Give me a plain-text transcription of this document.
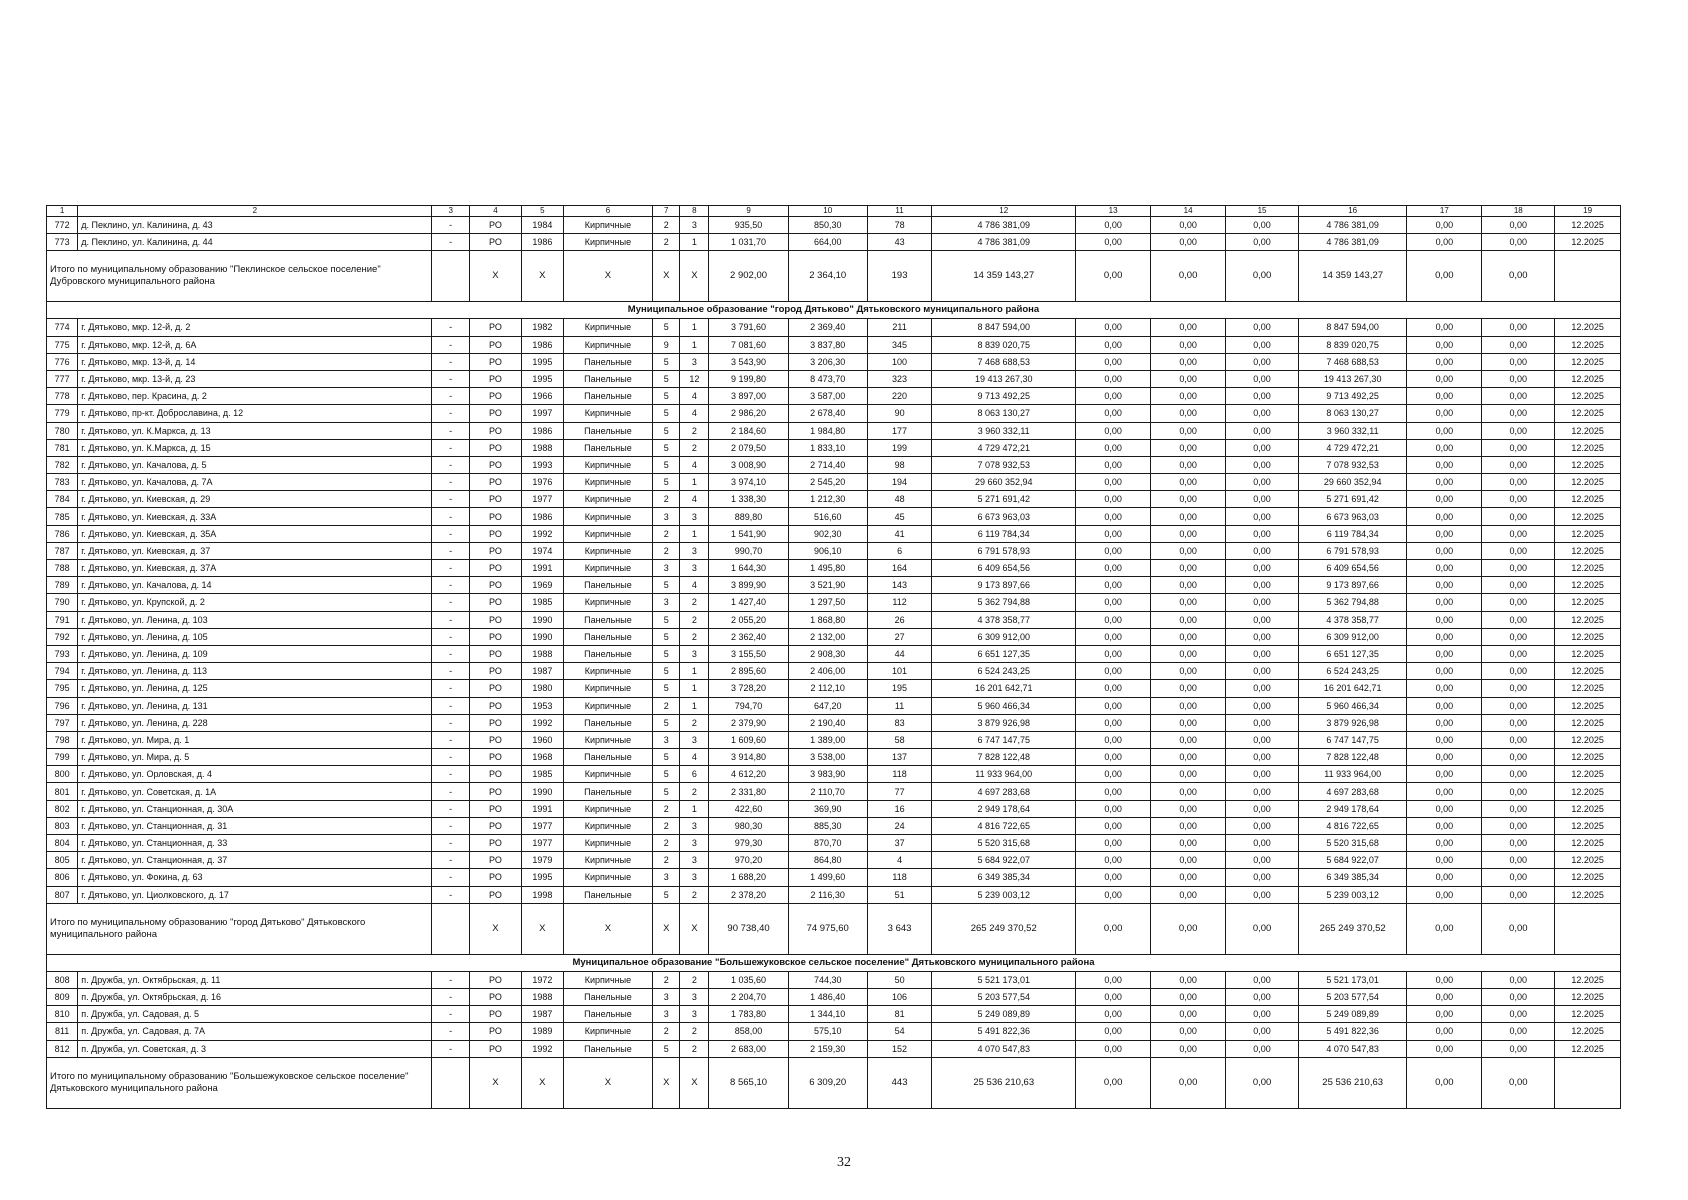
1	2	3	4	5	6	7	8	9	10	11	12	13	14	15	16	17	18	19
772	д. Пеклино, ул. Калинина, д. 43	-	РО	1984	Кирпичные	2	3	935,50	850,30	78	4 786 381,09	0,00	0,00	0,00	4 786 381,09	0,00	0,00	12.2025
773	д. Пеклино, ул. Калинина, д. 44	-	РО	1986	Кирпичные	2	1	1 031,70	664,00	43	4 786 381,09	0,00	0,00	0,00	4 786 381,09	0,00	0,00	12.2025
Итого по муниципальному образованию "Пеклинское сельское поселение" Дубровского муниципального района			X	X	X	X	X	2 902,00	2 364,10	193	14 359 143,27	0,00	0,00	0,00	14 359 143,27	0,00	0,00	
Муниципальное образование "город Дятьково" Дятьковского муниципального района																		
774	г. Дятьково, мкр. 12-й, д. 2	-	РО	1982	Кирпичные	5	1	3 791,60	2 369,40	211	8 847 594,00	0,00	0,00	0,00	8 847 594,00	0,00	0,00	12.2025
775	г. Дятьково, мкр. 12-й, д. 6А	-	РО	1986	Кирпичные	9	1	7 081,60	3 837,80	345	8 839 020,75	0,00	0,00	0,00	8 839 020,75	0,00	0,00	12.2025
776	г. Дятьково, мкр. 13-й, д. 14	-	РО	1995	Панельные	5	3	3 543,90	3 206,30	100	7 468 688,53	0,00	0,00	0,00	7 468 688,53	0,00	0,00	12.2025
777	г. Дятьково, мкр. 13-й, д. 23	-	РО	1995	Панельные	5	12	9 199,80	8 473,70	323	19 413 267,30	0,00	0,00	0,00	19 413 267,30	0,00	0,00	12.2025
778	г. Дятьково, пер. Красина, д. 2	-	РО	1966	Панельные	5	4	3 897,00	3 587,00	220	9 713 492,25	0,00	0,00	0,00	9 713 492,25	0,00	0,00	12.2025
779	г. Дятьково, пр-кт. Доброславина, д. 12	-	РО	1997	Кирпичные	5	4	2 986,20	2 678,40	90	8 063 130,27	0,00	0,00	0,00	8 063 130,27	0,00	0,00	12.2025
780	г. Дятьково, ул. К.Маркса, д. 13	-	РО	1986	Панельные	5	2	2 184,60	1 984,80	177	3 960 332,11	0,00	0,00	0,00	3 960 332,11	0,00	0,00	12.2025
781	г. Дятьково, ул. К.Маркса, д. 15	-	РО	1988	Панельные	5	2	2 079,50	1 833,10	199	4 729 472,21	0,00	0,00	0,00	4 729 472,21	0,00	0,00	12.2025
782	г. Дятьково, ул. Качалова, д. 5	-	РО	1993	Кирпичные	5	4	3 008,90	2 714,40	98	7 078 932,53	0,00	0,00	0,00	7 078 932,53	0,00	0,00	12.2025
783	г. Дятьково, ул. Качалова, д. 7А	-	РО	1976	Кирпичные	5	1	3 974,10	2 545,20	194	29 660 352,94	0,00	0,00	0,00	29 660 352,94	0,00	0,00	12.2025
784	г. Дятьково, ул. Киевская, д. 29	-	РО	1977	Кирпичные	2	4	1 338,30	1 212,30	48	5 271 691,42	0,00	0,00	0,00	5 271 691,42	0,00	0,00	12.2025
785	г. Дятьково, ул. Киевская, д. 33А	-	РО	1986	Кирпичные	3	3	889,80	516,60	45	6 673 963,03	0,00	0,00	0,00	6 673 963,03	0,00	0,00	12.2025
786	г. Дятьково, ул. Киевская, д. 35А	-	РО	1992	Кирпичные	2	1	1 541,90	902,30	41	6 119 784,34	0,00	0,00	0,00	6 119 784,34	0,00	0,00	12.2025
787	г. Дятьково, ул. Киевская, д. 37	-	РО	1974	Кирпичные	2	3	990,70	906,10	6	6 791 578,93	0,00	0,00	0,00	6 791 578,93	0,00	0,00	12.2025
788	г. Дятьково, ул. Киевская, д. 37А	-	РО	1991	Кирпичные	3	3	1 644,30	1 495,80	164	6 409 654,56	0,00	0,00	0,00	6 409 654,56	0,00	0,00	12.2025
789	г. Дятьково, ул. Качалова, д. 14	-	РО	1969	Панельные	5	4	3 899,90	3 521,90	143	9 173 897,66	0,00	0,00	0,00	9 173 897,66	0,00	0,00	12.2025
790	г. Дятьково, ул. Крупской, д. 2	-	РО	1985	Кирпичные	3	2	1 427,40	1 297,50	112	5 362 794,88	0,00	0,00	0,00	5 362 794,88	0,00	0,00	12.2025
791	г. Дятьково, ул. Ленина, д. 103	-	РО	1990	Панельные	5	2	2 055,20	1 868,80	26	4 378 358,77	0,00	0,00	0,00	4 378 358,77	0,00	0,00	12.2025
792	г. Дятьково, ул. Ленина, д. 105	-	РО	1990	Панельные	5	2	2 362,40	2 132,00	27	6 309 912,00	0,00	0,00	0,00	6 309 912,00	0,00	0,00	12.2025
793	г. Дятьково, ул. Ленина, д. 109	-	РО	1988	Панельные	5	3	3 155,50	2 908,30	44	6 651 127,35	0,00	0,00	0,00	6 651 127,35	0,00	0,00	12.2025
794	г. Дятьково, ул. Ленина, д. 113	-	РО	1987	Кирпичные	5	1	2 895,60	2 406,00	101	6 524 243,25	0,00	0,00	0,00	6 524 243,25	0,00	0,00	12.2025
795	г. Дятьково, ул. Ленина, д. 125	-	РО	1980	Кирпичные	5	1	3 728,20	2 112,10	195	16 201 642,71	0,00	0,00	0,00	16 201 642,71	0,00	0,00	12.2025
796	г. Дятьково, ул. Ленина, д. 131	-	РО	1953	Кирпичные	2	1	794,70	647,20	11	5 960 466,34	0,00	0,00	0,00	5 960 466,34	0,00	0,00	12.2025
797	г. Дятьково, ул. Ленина, д. 228	-	РО	1992	Панельные	5	2	2 379,90	2 190,40	83	3 879 926,98	0,00	0,00	0,00	3 879 926,98	0,00	0,00	12.2025
798	г. Дятьково, ул. Мира, д. 1	-	РО	1960	Кирпичные	3	3	1 609,60	1 389,00	58	6 747 147,75	0,00	0,00	0,00	6 747 147,75	0,00	0,00	12.2025
799	г. Дятьково, ул. Мира, д. 5	-	РО	1968	Панельные	5	4	3 914,80	3 538,00	137	7 828 122,48	0,00	0,00	0,00	7 828 122,48	0,00	0,00	12.2025
800	г. Дятьково, ул. Орловская, д. 4	-	РО	1985	Кирпичные	5	6	4 612,20	3 983,90	118	11 933 964,00	0,00	0,00	0,00	11 933 964,00	0,00	0,00	12.2025
801	г. Дятьково, ул. Советская, д. 1А	-	РО	1990	Панельные	5	2	2 331,80	2 110,70	77	4 697 283,68	0,00	0,00	0,00	4 697 283,68	0,00	0,00	12.2025
802	г. Дятьково, ул. Станционная, д. 30А	-	РО	1991	Кирпичные	2	1	422,60	369,90	16	2 949 178,64	0,00	0,00	0,00	2 949 178,64	0,00	0,00	12.2025
803	г. Дятьково, ул. Станционная, д. 31	-	РО	1977	Кирпичные	2	3	980,30	885,30	24	4 816 722,65	0,00	0,00	0,00	4 816 722,65	0,00	0,00	12.2025
804	г. Дятьково, ул. Станционная, д. 33	-	РО	1977	Кирпичные	2	3	979,30	870,70	37	5 520 315,68	0,00	0,00	0,00	5 520 315,68	0,00	0,00	12.2025
805	г. Дятьково, ул. Станционная, д. 37	-	РО	1979	Кирпичные	2	3	970,20	864,80	4	5 684 922,07	0,00	0,00	0,00	5 684 922,07	0,00	0,00	12.2025
806	г. Дятьково, ул. Фокина, д. 63	-	РО	1995	Кирпичные	3	3	1 688,20	1 499,60	118	6 349 385,34	0,00	0,00	0,00	6 349 385,34	0,00	0,00	12.2025
807	г. Дятьково, ул. Циолковского, д. 17	-	РО	1998	Панельные	5	2	2 378,20	2 116,30	51	5 239 003,12	0,00	0,00	0,00	5 239 003,12	0,00	0,00	12.2025
Итого по муниципальному образованию "город Дятьково" Дятьковского муниципального района			X	X	X	X	X	90 738,40	74 975,60	3 643	265 249 370,52	0,00	0,00	0,00	265 249 370,52	0,00	0,00	
Муниципальное образование "Большежуковское сельское поселение" Дятьковского муниципального района																		
808	п. Дружба, ул. Октябрьская, д. 11	-	РО	1972	Кирпичные	2	2	1 035,60	744,30	50	5 521 173,01	0,00	0,00	0,00	5 521 173,01	0,00	0,00	12.2025
809	п. Дружба, ул. Октябрьская, д. 16	-	РО	1988	Панельные	3	3	2 204,70	1 486,40	106	5 203 577,54	0,00	0,00	0,00	5 203 577,54	0,00	0,00	12.2025
810	п. Дружба, ул. Садовая, д. 5	-	РО	1987	Панельные	3	3	1 783,80	1 344,10	81	5 249 089,89	0,00	0,00	0,00	5 249 089,89	0,00	0,00	12.2025
811	п. Дружба, ул. Садовая, д. 7А	-	РО	1989	Кирпичные	2	2	858,00	575,10	54	5 491 822,36	0,00	0,00	0,00	5 491 822,36	0,00	0,00	12.2025
812	п. Дружба, ул. Советская, д. 3	-	РО	1992	Панельные	5	2	2 683,00	2 159,30	152	4 070 547,83	0,00	0,00	0,00	4 070 547,83	0,00	0,00	12.2025
Итого по муниципальному образованию "Большежуковское сельское поселение" Дятьковского муниципального района			X	X	X	X	X	8 565,10	6 309,20	443	25 536 210,63	0,00	0,00	0,00	25 536 210,63	0,00	0,00	
32
